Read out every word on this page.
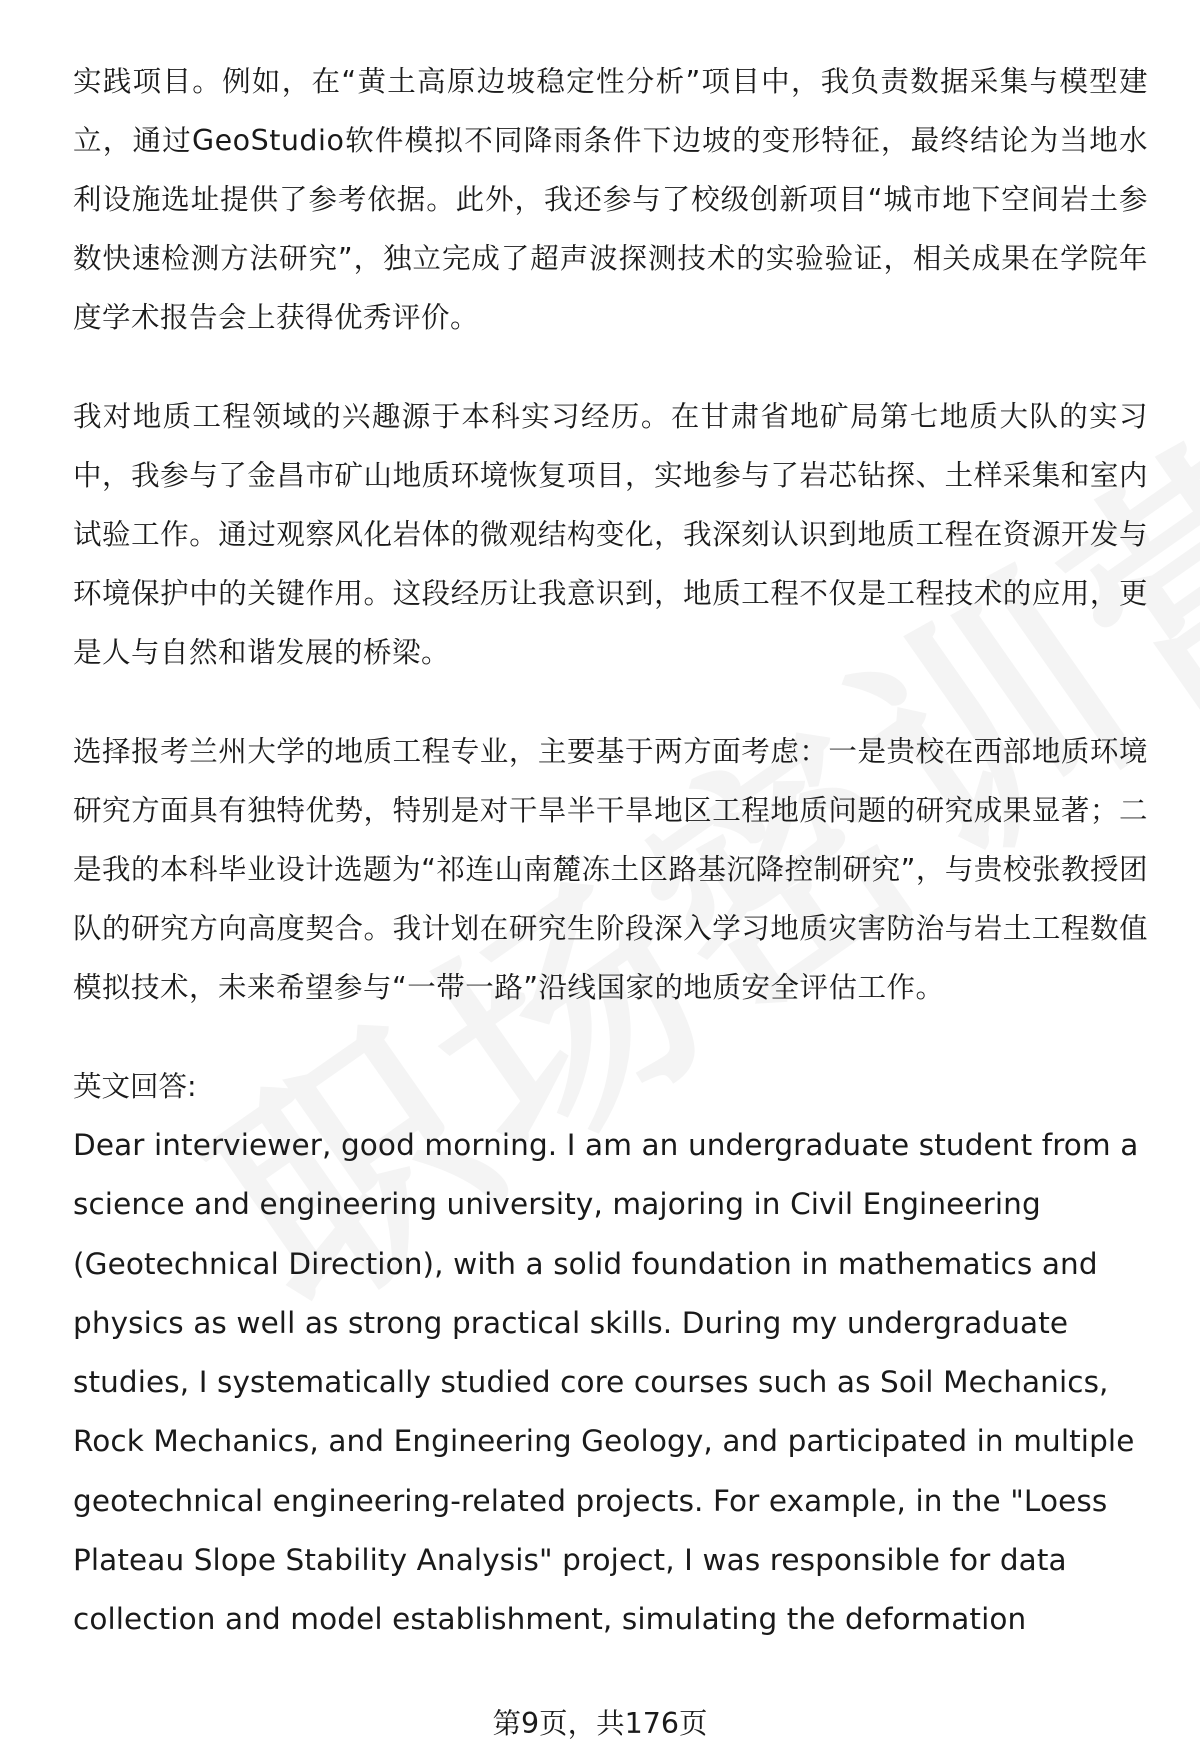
实践项目。例如，在“黄土高原边坡稳定性分析”项目中，我负责数据采集与模型建立，通过GeoStudio软件模拟不同降雨条件下边坡的变形特征，最终结论为当地水利设施选址提供了参考依据。此外，我还参与了校级创新项目“城市地下空间岩土参数快速检测方法研究”，独立完成了超声波探测技术的实验验证，相关成果在学院年度学术报告会上获得优秀评价。

我对地质工程领域的兴趣源于本科实习经历。在甘肃省地矿局第七地质大队的实习中，我参与了金昌市矿山地质环境恢复项目，实地参与了岩芯钻探、土样采集和室内试验工作。通过观察风化岩体的微观结构变化，我深刻认识到地质工程在资源开发与环境保护中的关键作用。这段经历让我意识到，地质工程不仅是工程技术的应用，更是人与自然和谐发展的桥梁。

选择报考兰州大学的地质工程专业，主要基于两方面考虑：一是贵校在西部地质环境研究方面具有独特优势，特别是对干旱半干旱地区工程地质问题的研究成果显著；二是我的本科毕业设计选题为“祁连山南麓冻土区路基沉降控制研究”，与贵校张教授团队的研究方向高度契合。我计划在研究生阶段深入学习地质灾害防治与岩土工程数值模拟技术，未来希望参与“一带一路”沿线国家的地质安全评估工作。

英文回答:

Dear interviewer, good morning. I am an undergraduate student from a science and engineering university, majoring in Civil Engineering (Geotechnical Direction), with a solid foundation in mathematics and physics as well as strong practical skills. During my undergraduate studies, I systematically studied core courses such as Soil Mechanics, Rock Mechanics, and Engineering Geology, and participated in multiple geotechnical engineering-related projects. For example, in the "Loess Plateau Slope Stability Analysis" project, I was responsible for data collection and model establishment, simulating the deformation

第9页，共176页
